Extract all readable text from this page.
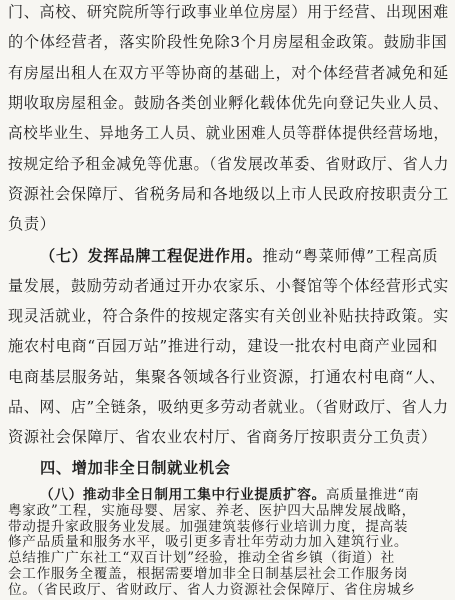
门、高校、研究院所等行政事业单位房屋）用于经营、出现困难
的个体经营者，落实阶段性免除3个月房屋租金政策。鼓励非国
有房屋出租人在双方平等协商的基础上，对个体经营者减免和延
期收取房屋租金。鼓励各类创业孵化载体优先向登记失业人员、
高校毕业生、异地务工人员、就业困难人员等群体提供经营场地，
按规定给予租金减免等优惠。（省发展改革委、省财政厅、省人力
资源社会保障厅、省税务局和各地级以上市人民政府按职责分工
负责）
（七）发挥品牌工程促进作用。推动“粤菜师傅”工程高质
量发展，鼓励劳动者通过开办农家乐、小餐馆等个体经营形式实
现灵活就业，符合条件的按规定落实有关创业补贴扶持政策。实
施农村电商“百园万站”推进行动，建设一批农村电商产业园和
电商基层服务站，集聚各领域各行业资源，打通农村电商“人、
品、网、店”全链条，吸纳更多劳动者就业。（省财政厅、省人力
资源社会保障厅、省农业农村厅、省商务厅按职责分工负责）
四、增加非全日制就业机会
（八）推动非全日制用工集中行业提质扩容。高质量推进“南
粤家政”工程，实施母婴、居家、养老、医护四大品牌发展战略，
带动提升家政服务业发展。加强建筑装修行业培训力度，提高装
修产品质量和服务水平，吸引更多青壮年劳动力加入建筑行业。
总结推广广东社工“双百计划”经验，推动全省乡镇（街道）社
会工作服务全覆盖，根据需要增加非全日制基层社会工作服务岗
位。（省民政厅、省财政厅、省人力资源社会保障厅、省住房城乡
